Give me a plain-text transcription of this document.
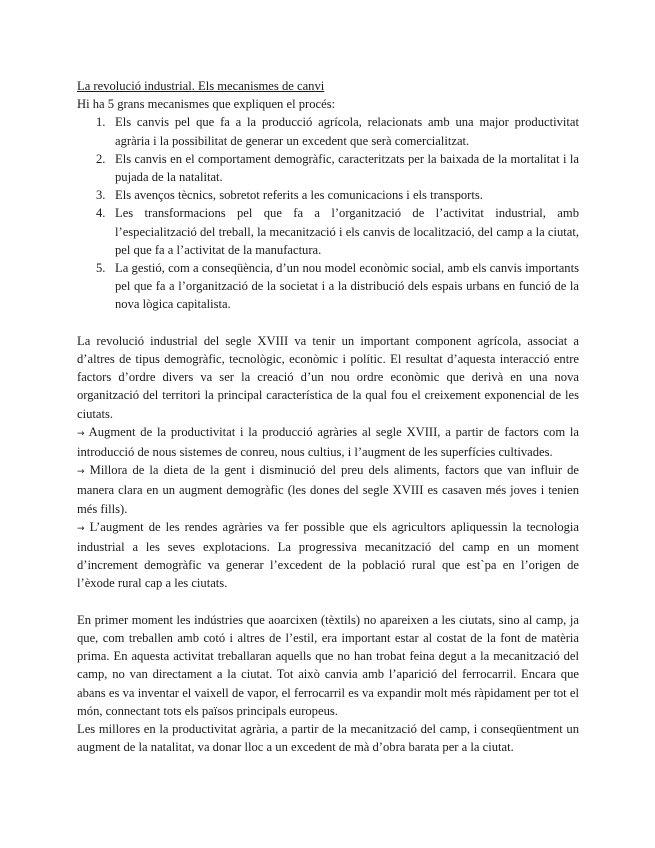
La revolució industrial. Els mecanismes de canvi

Hi ha 5 grans mecanismes que expliquen el procés:

1. Els canvis pel que fa a la producció agrícola, relacionats amb una major productivitat agrària i la possibilitat de generar un excedent que serà comercialitzat.
2. Els canvis en el comportament demogràfic, caracteritzats per la baixada de la mortalitat i la pujada de la natalitat.
3. Els avenços tècnics, sobretot referits a les comunicacions i els transports.
4. Les transformacions pel que fa a l’organització de l’activitat industrial, amb l’especialització del treball, la mecanització i els canvis de localització, del camp a la ciutat, pel que fa a l’activitat de la manufactura.
5. La gestió, com a conseqüència, d’un nou model econòmic social, amb els canvis importants pel que fa a l’organització de la societat i a la distribució dels espais urbans en funció de la nova lògica capitalista.

La revolució industrial del segle XVIII va tenir un important component agrícola, associat a d’altres de tipus demogràfic, tecnològic, econòmic i polític. El resultat d’aquesta interacció entre factors d’ordre divers va ser la creació d’un nou ordre econòmic que derivà en una nova organització del territori la principal característica de la qual fou el creixement exponencial de les ciutats.

→ Augment de la productivitat i la producció agràries al segle XVIII, a partir de factors com la introducció de nous sistemes de conreu, nous cultius, i l’augment de les superfícies cultivades.

→ Millora de la dieta de la gent i disminució del preu dels aliments, factors que van influir de manera clara en un augment demogràfic (les dones del segle XVIII es casaven més joves i tenien més fills).

→ L’augment de les rendes agràries va fer possible que els agricultors apliquessin la tecnologia industrial a les seves explotacions. La progressiva mecanització del camp en un moment d’increment demogràfic va generar l’excedent de la població rural que est`pa en l’origen de l’èxode rural cap a les ciutats.

En primer moment les indústries que aoarcixen (tèxtils) no apareixen a les ciutats, sino al camp, ja que, com treballen amb cotó i altres de l’estil, era important estar al costat de la font de matèria prima. En aquesta activitat treballaran aquells que no han trobat feina degut a la mecanització del camp, no van directament a la ciutat. Tot això canvia amb l’aparició del ferrocarril. Encara que abans es va inventar el vaixell de vapor, el ferrocarril es va expandir molt més ràpidament per tot el món, connectant tots els països principals europeus.

Les millores en la productivitat agrària, a partir de la mecanització del camp, i conseqüentment un augment de la natalitat, va donar lloc a un excedent de mà d’obra barata per a la ciutat.
